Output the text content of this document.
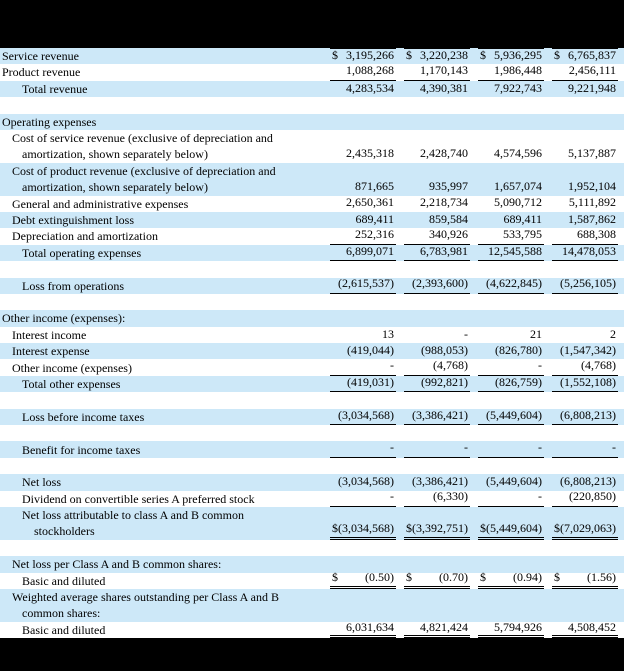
Service revenue	$ 3,195,266 $ 3,220,238 $ 5,936,295 $ 6,765,837
Product revenue	1,088,268 1,170,143 1,986,448 2,456,111
Total revenue	4,283,534 4,390,381 7,922,743 9,221,948
Operating expenses
Cost of service revenue (exclusive of depreciation and
amortization, shown separately below)	2,435,318 2,428,740 4,574,596 5,137,887
Cost of product revenue (exclusive of depreciation and
amortization, shown separately below)	871,665	935,997 1,657,074 1,952,104
General and administrative expenses	2,650,361 2,218,734 5,090,712 5,111,892
Debt extinguishment loss	689,411	859,584	689,411 1,587,862
Depreciation and amortization	252,316	340,926	533,795	688,308
Total operating expenses	6,899,071 6,783,981 12,545,588 14,478,053
Loss from operations	(2,615,537) (2,393,600) (4,622,845) (5,256,105)
Other income (expenses):
Interest income	13	-	21	2
Interest expense	(419,044) (988,053) (826,780) (1,547,342)
Other income (expenses)	-	(4,768)	-	(4,768)
Total other expenses	(419,031) (992,821) (826,759) (1,552,108)
Loss before income taxes	(3,034,568) (3,386,421) (5,449,604) (6,808,213)
Benefit for income taxes	-	-	-	-
Net loss	(3,034,568) (3,386,421) (5,449,604) (6,808,213)
Dividend on convertible series A preferred stock	-	(6,330)	- (220,850)
Net loss attributable to class A and B common
stockholders	$ (3,034,568) $ (3,392,751) $ (5,449,604) $ (7,029,063)
Net loss per Class A and B common shares:
Basic and diluted	$ (0.50) $ (0.70) $ (0.94) $ (1.56)
Weighted average shares outstanding per Class A and B
common shares:
Basic and diluted	6,031,634 4,821,424 5,794,926 4,508,452
